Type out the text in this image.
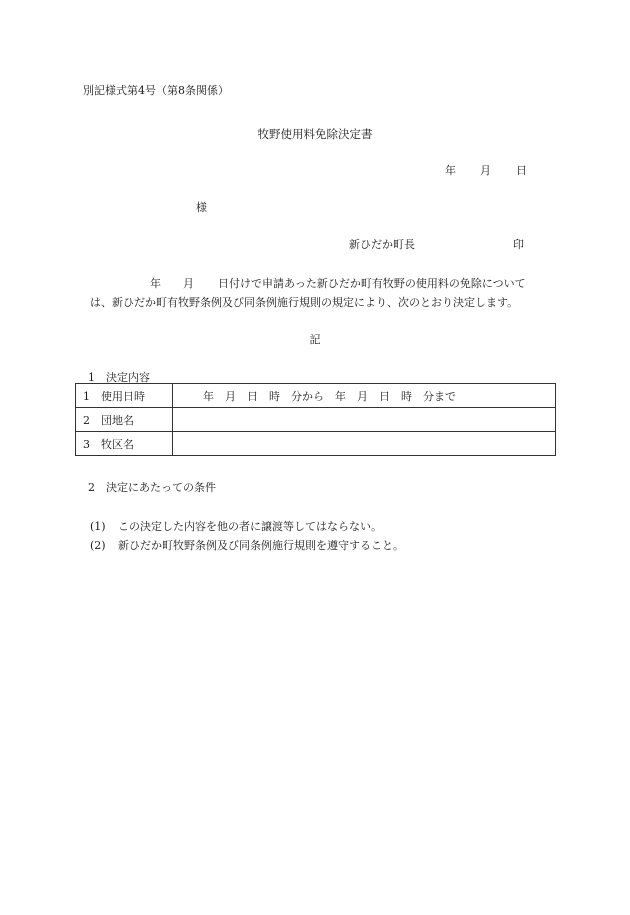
別記様式第4号（第8条関係）
牧野使用料免除決定書
年 月 日
様
新ひだか町長	印
年 月 日付けで申請あった新ひだか町有牧野の使用料の免除について
は、新ひだか町有牧野条例及び同条例施行規則の規定により、次のとおり決定します。
記
1　決定内容
1　使用日時	年　月　日　時　分から　年　月　日　時　分まで
2　団地名	
3　牧区名	
2　決定にあたっての条件
(1) この決定した内容を他の者に譲渡等してはならない。
(2) 新ひだか町牧野条例及び同条例施行規則を遵守すること。
